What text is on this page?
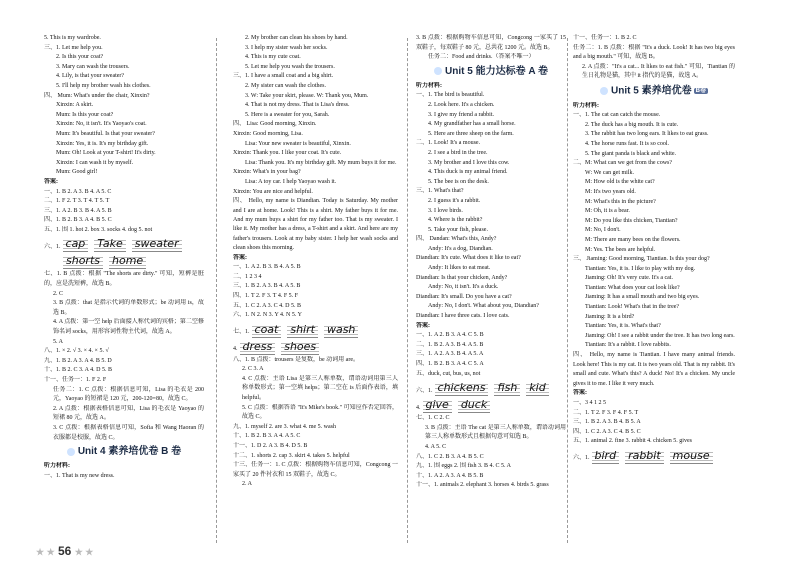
5. This is my wardrobe.
三、1. Let me help you.
2. Is this your coat?
3. Mary can wash the trousers.
4. Lily, is that your sweater?
5. I'll help my brother wash his clothes.
四、 Mum: What's under the chair, Xinxin?
Xinxin: A skirt.
Mum: Is this your coat?
Xinxin: No, it isn't. It's Yaoyao's coat.
Mum: It's beautiful. Is that your sweater?
Xinxin: Yes, it is. It's my birthday gift.
Mum: Oh! Look at your T-shirt! It's dirty.
Xinxin: I can wash it by myself.
Mum: Good girl!
答案:
一、1. B 2. A 3. B 4. A 5. C
二、1. F 2. T 3. T 4. T 5. T
三、1. A 2. B 3. B 4. A 5. B
四、1. B 2. B 3. A 4. B 5. C
五、1. 围 1. hot 2. box 3. socks 4. dog 5. not
六、1. cap Take sweater
shorts home
七、1. B 点拨：根据 "The shorts are dirty." 可知，短裤是脏的，应是洗短裤，故选 B。
2. C
3. B 点拨：that 是指示代词的单数形式；be 动词用 is，故选 B。
4. A 点拨：第一空 help 后面接人称代词的宾格；第二空修饰名词 socks，用形容词性物主代词，故选 A。
5. A
八、1. × 2. √ 3. × 4. × 5. √
九、1. B 2. A 3. A 4. B 5. D
十、1. B 2. C 3. A 4. D 5. B
十一、任务一：1. F 2. F
任务二：1. C 点拨：根据信息可知，Lisa 的毛衣是 200 元，Yaoyao 的短裙是 120 元，200-120=80，故选 C。
2. A 点拨：根据表格信息可知，Lisa 的毛衣是 Yaoyao 的短裙 80 元，故选 A。
3. C 点拨：根据表格信息可知，Sofia 和 Wang Haoran 的衣服都是校服，故选 C。
Unit 4 素养培优卷 B 卷
听力材料:
一、1. That is my new dress.
2. My brother can clean his shoes by hand.
3. I help my sister wash her socks.
4. This is my cute coat.
5. Let me help you wash the trousers.
三、1. I have a small coat and a big shirt.
2. My sister can wash the clothes.
3. W: Take your skirt, please. W: Thank you, Mum.
4. That is not my dress. That is Lisa's dress.
5. Here is a sweater for you, Sarah.
四、 Lisa: Good morning, Xinxin.
Xinxin: Good morning, Lisa.
Lisa: Your new sweater is beautiful, Xinxin.
Xinxin: Thank you. I like your coat. It's cute.
Lisa: Thank you. It's my birthday gift. My mum buys it for me.
Xinxin: What's in your bag?
Lisa: A toy car. I help Yaoyao wash it.
Xinxin: You are nice and helpful.
四、 Hello, my name is Diandian. Today is Saturday. My mother and I are at home. Look! This is a shirt. My father buys it for me. And my mum buys a shirt for my father too. That is my sweater. I like it. My mother has a dress, a T-shirt and a skirt. And here are my father's trousers. Look at my baby sister. I help her wash socks and clean shoes this morning.
答案:
一、1. A 2. B 3. B 4. A 5. B
二、1 2 3 4
三、1. B 2. A 3. B 4. A 5. B
四、1. T 2. F 3. T 4. F 5. F
五、1. C 2. A 3. C 4. D 5. B
六、1. N 2. N 3. Y 4. N 5. Y
七、1. coat shirt wash
4. dress shoes
八、1. B 点拨：trousers 是复数，be 动词用 are。
2. C 3. A
4. C 点拨：主语 Lisa 是第三人称单数，谓语动词用第三人称单数形式；第一空填 helps；第二空在 is 后面作表语，填 helpful。
5. C 点拨：根据答语 "It's Mike's book." 可知应作否定回答，故选 C。
九、1. myself 2. are 3. what 4. me 5. wash
十、1. B 2. B 3. A 4. A 5. C
十一、1. D 2. A 3. B 4. D 5. B
十二、1. shorts 2. cap 3. skirt 4. takes 5. helpful
十三、任务一：1. C 点拨：根据购物车信息可知，Congcong 一家买了 20 件衬衣和 15 双鞋子，故选 C。
2. A
3. B 点拨：根据购物车信息可知，Congcong 一家买了 15 双鞋子，每双鞋子 80 元，总共花 1200 元。故选 B。
任务二：Food and drinks.（答案不唯一）
Unit 5 能力达标卷 A 卷
听力材料:
一、1. The bird is beautiful.
2. Look here. It's a chicken.
3. I give my friend a rabbit.
4. My grandfather has a small horse.
5. Here are three sheep on the farm.
二、1. Look! It's a mouse.
2. I see a bird in the tree.
3. My brother and I love this cow.
4. This duck is my animal friend.
5. The bee is on the desk.
三、1. What's that?
2. I guess it's a rabbit.
3. I love birds.
4. Where is the rabbit?
5. Take your fish, please.
四、 Dandan: What's this, Andy?
Andy: It's a dog, Diandian.
Diandian: It's cute. What does it like to eat?
Andy: It likes to eat meat.
Diandian: Is that your chicken, Andy?
Andy: No, it isn't. It's a duck.
Diandian: It's small. Do you have a cat?
Andy: No, I don't. What about you, Diandian?
Diandian: I have three cats. I love cats.
答案:
一、1. A 2. B 3. A 4. C 5. B
二、1. B 2. A 3. B 4. A 5. B
三、1. A 2. A 3. B 4. A 5. A
四、1. B 2. B 3. A 4. C 5. A
五、duck, cut, bus, us, not
六、1. chickens fish kid
4. give duck
七、1. C 2. C
3. B 点拨：主语 The cat 是第三人称单数，谓语动词用第三人称单数形式且根据句意可知选 B。
4. A 5. C
八、1. C 2. B 3. A 4. B 5. C
九、1. 围 eggs 2. 围 fish 3. B 4. C 5. A
十、1. A 2. A 3. A 4. B 5. B
十一、1. animals 2. elephant 3. horses 4. birds 5. grass
十一、任务一：1. B 2. C
任务二：1. B 点拨：根据 "It's a duck. Look! It has two big eyes and a big mouth." 可知，故选 B。
2. A 点拨："It's a cat... It likes to eat fish." 可知，Tiantian 的生日礼物是猫，其中 it 指代的是猫，故选 A。
Unit 5 素养培优卷 B卷
听力材料:
一、1. The cat can catch the mouse.
2. The duck has a big mouth. It is cute.
3. The rabbit has two long ears. It likes to eat grass.
4. The horse runs fast. It is so cool.
5. The giant panda is black and white.
二、M: What can we get from the cows?
W: We can get milk.
M: How old is the white cat?
M: It's two years old.
M: What's this in the picture?
M: Oh, it is a bear.
M: Do you like this chicken, Tiantian?
M: No, I don't.
M: There are many bees on the flowers.
M: Yes. The bees are helpful.
三、 Jiaming: Good morning, Tiantian. Is this your dog?
Tiantian: Yes, it is. I like to play with my dog.
Jiaming: Oh! It's very cute. It's a cat.
Tiantian: What does your cat look like?
Jiaming: It has a small mouth and two big eyes.
Tiantian: Look! What's that in the tree?
Jiaming: It is a bird?
Tiantian: Yes, it is. What's that?
Jiaming: Oh! I see a rabbit under the tree. It has two long ears.
Tiantian: It's a rabbit. I love rabbits.
四、 Hello, my name is Tiantian. I have many animal friends. Look here! This is my cat. It is two years old. That is my rabbit. It's small and cute. What's this? A duck! No! It's a chicken. My uncle gives it to me. I like it very much.
答案:
一、3 4 1 2 5
二、1. T 2. F 3. F 4. F 5. T
三、1. B 2. A 3. B 4. B 5. A
四、1. C 2. A 3. C 4. B 5. C
五、1. animal 2. fine 3. rabbit 4. chicken 5. gives
六、1. bird rabbit mouse
★ ★ 56 ★ ★
